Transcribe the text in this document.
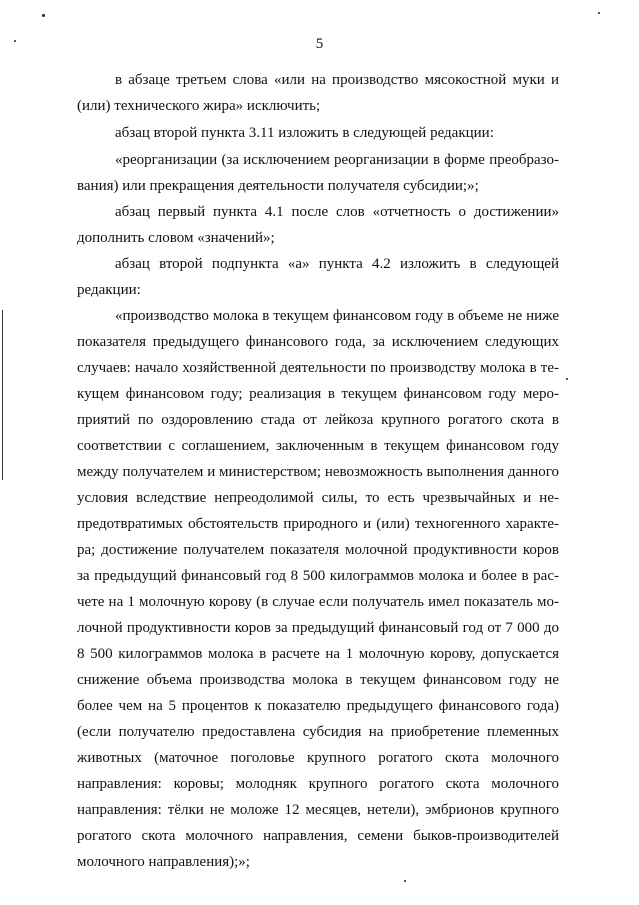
5
в абзаце третьем слова «или на производство мясокостной муки и
(или) технического жира» исключить;
абзац второй пункта 3.11 изложить в следующей редакции:
«реорганизации (за исключением реорганизации в форме преобразо-
вания) или прекращения деятельности получателя субсидии;»;
абзац первый пункта 4.1 после слов «отчетность о достижении»
дополнить словом «значений»;
абзац второй подпункта «а» пункта 4.2 изложить в следующей
редакции:
«производство молока в текущем финансовом году в объеме не ниже
показателя предыдущего финансового года, за исключением следующих
случаев: начало хозяйственной деятельности по производству молока в те-
кущем финансовом году; реализация в текущем финансовом году меро-
приятий по оздоровлению стада от лейкоза крупного рогатого скота в
соответствии с соглашением, заключенным в текущем финансовом году
между получателем и министерством; невозможность выполнения данного
условия вследствие непреодолимой силы, то есть чрезвычайных и не-
предотвратимых обстоятельств природного и (или) техногенного характе-
ра; достижение получателем показателя молочной продуктивности коров
за предыдущий финансовый год 8 500 килограммов молока и более в рас-
чете на 1 молочную корову (в случае если получатель имел показатель мо-
лочной продуктивности коров за предыдущий финансовый год от 7 000 до
8 500 килограммов молока в расчете на 1 молочную корову, допускается
снижение объема производства молока в текущем финансовом году не
более чем на 5 процентов к показателю предыдущего финансового года)
(если получателю предоставлена субсидия на приобретение племенных
животных (маточное поголовье крупного рогатого скота молочного
направления: коровы; молодняк крупного рогатого скота молочного
направления: тёлки не моложе 12 месяцев, нетели), эмбрионов крупного
рогатого скота молочного направления, семени быков-производителей
молочного направления);»;
